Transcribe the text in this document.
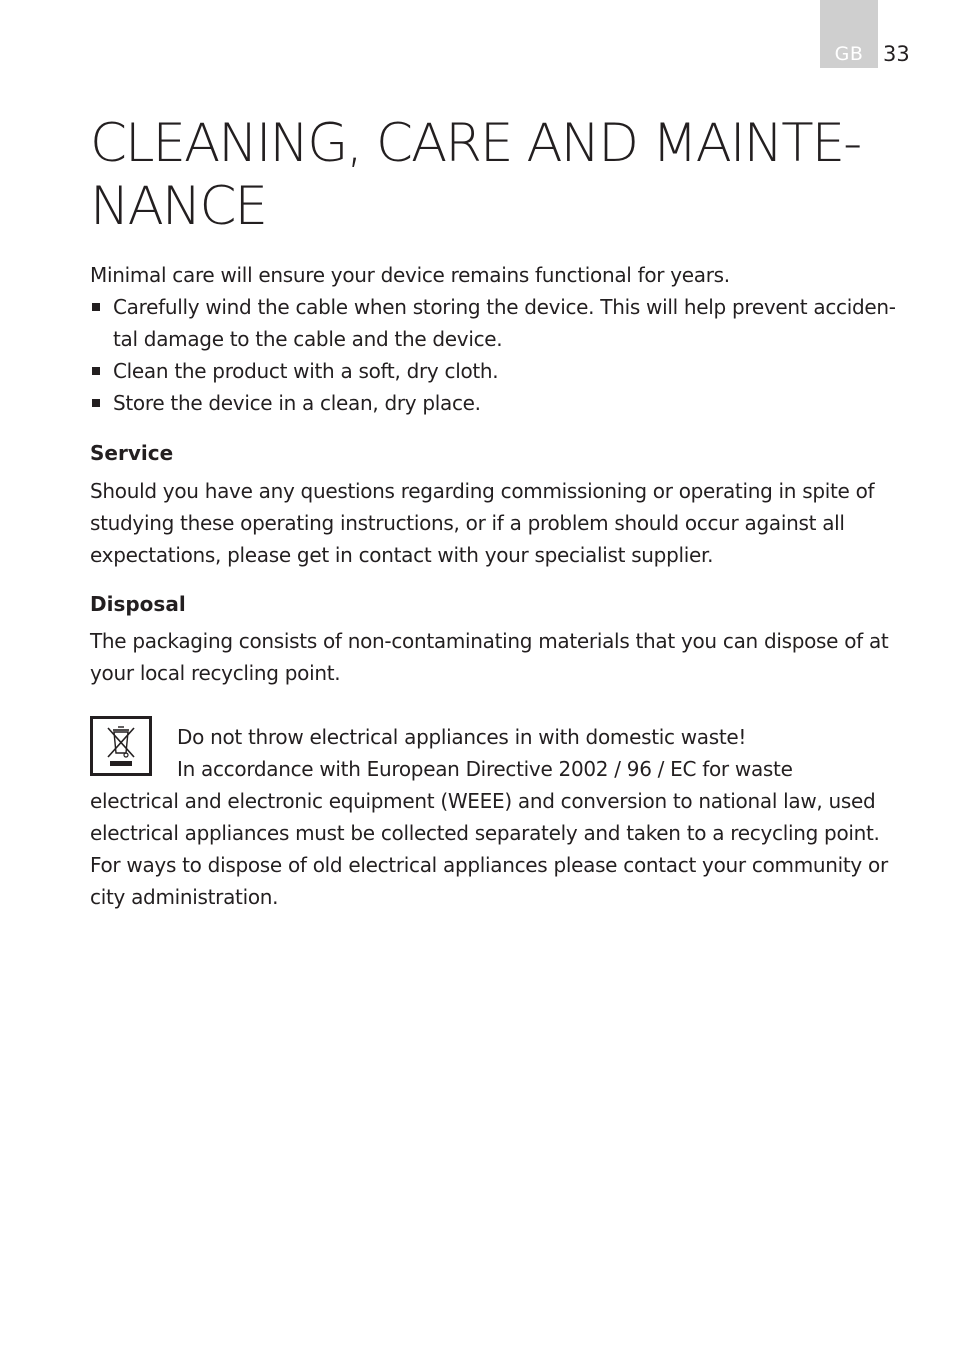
GB 33
CLEANING, CARE AND MAINTE-
NANCE

Minimal care will ensure your device remains functional for years.

Carefully wind the cable when storing the device. This will help prevent acciden-tal damage to the cable and the device.
Clean the product with a soft, dry cloth.
Store the device in a clean, dry place.
Service

Should you have any questions regarding commissioning or operating in spite of studying these operating instructions, or if a problem should occur against all expectations, please get in contact with your specialist supplier.

Disposal

The packaging consists of non-contaminating materials that you can dispose of at your local recycling point.

Do not throw electrical appliances in with domestic waste!

In accordance with European Directive 2002 / 96 / EC for waste

electrical and electronic equipment (WEEE) and conversion to national law, used
electrical appliances must be collected separately and taken to a recycling point.
For ways to dispose of old electrical appliances please contact your community or
city administration.
